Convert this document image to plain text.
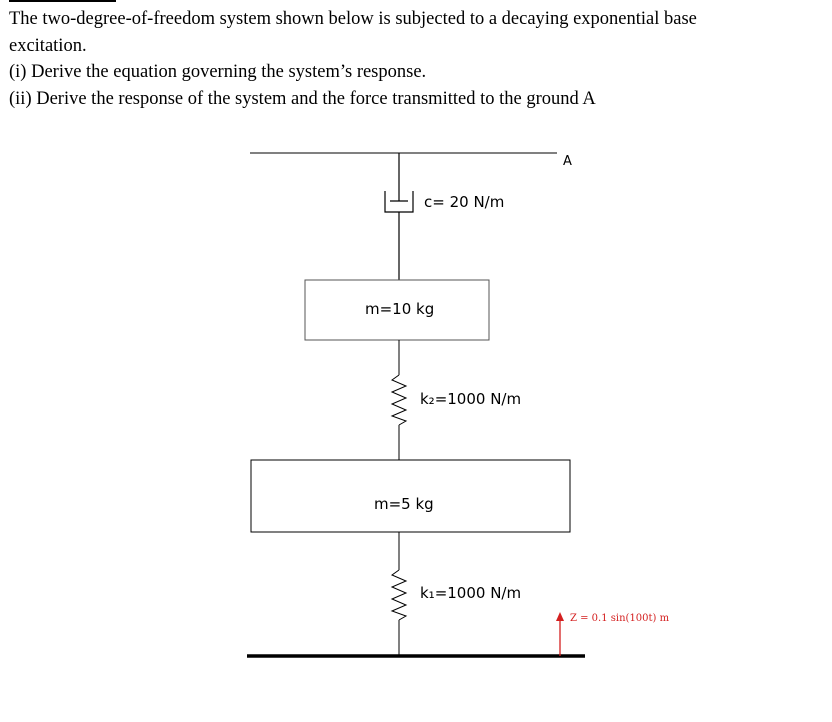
The two-degree-of-freedom system shown below is subjected to a decaying exponential base

excitation.

(i) Derive the equation governing the system’s response.

(ii) Derive the response of the system and the force transmitted to the ground A

A
c= 20 N/m
m=10 kg
k₂=1000 N/m
m=5 kg
k₁=1000 N/m
Z = 0.1 sin(100t) m
